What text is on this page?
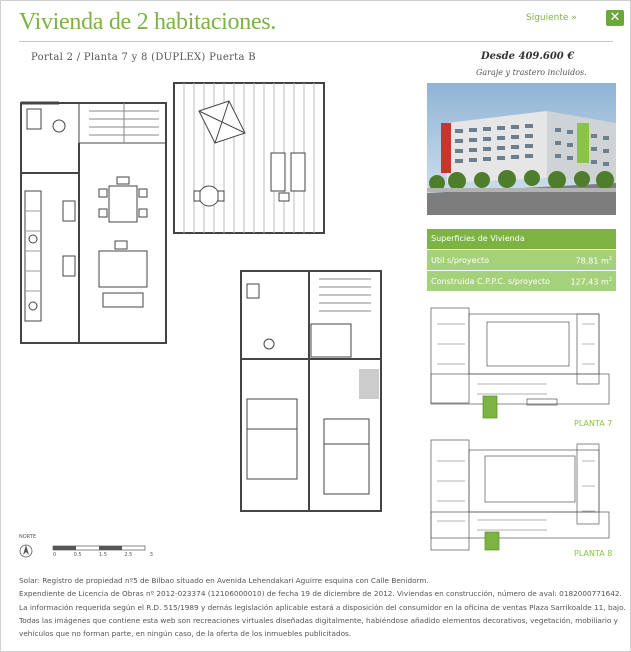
Vivienda de 2 habitaciones.	Siguiente »	✕
Portal 2 / Planta 7 y 8 (DUPLEX) Puerta B	Desde 409.600 €
Garaje y trastero incluidos.
Superficies de Vivienda
Util s/proyecto	78,81 $m^2$
Construida C.P.P.C. s/proyecto	127,43 $m^2$
PLANTA 7
PLANTA 8
NORTE
0	0.5	1.5	2.5	3
Solar: Registro de propiedad nº5 de Bilbao situado en Avenida Lehendakari Aguirre esquina con Calle Benidorm.
Expendiente de Licencia de Obras nº 2012-023374 (12106000010) de fecha 19 de diciembre de 2012. Viviendas en construcción, número de aval: 0182000771642.
La información requerida según el R.D. 515/1989 y demás legislación aplicable estará a disposición del consumidor en la oficina de ventas Plaza Sarrikoalde 11, bajo.
Todas las imágenes que contiene esta web son recreaciones virtuales diseñadas digitalmente, habiéndose añadido elementos decorativos, vegetación, mobiliario y
vehículos que no forman parte, en ningún caso, de la oferta de los inmuebles publicitados.
